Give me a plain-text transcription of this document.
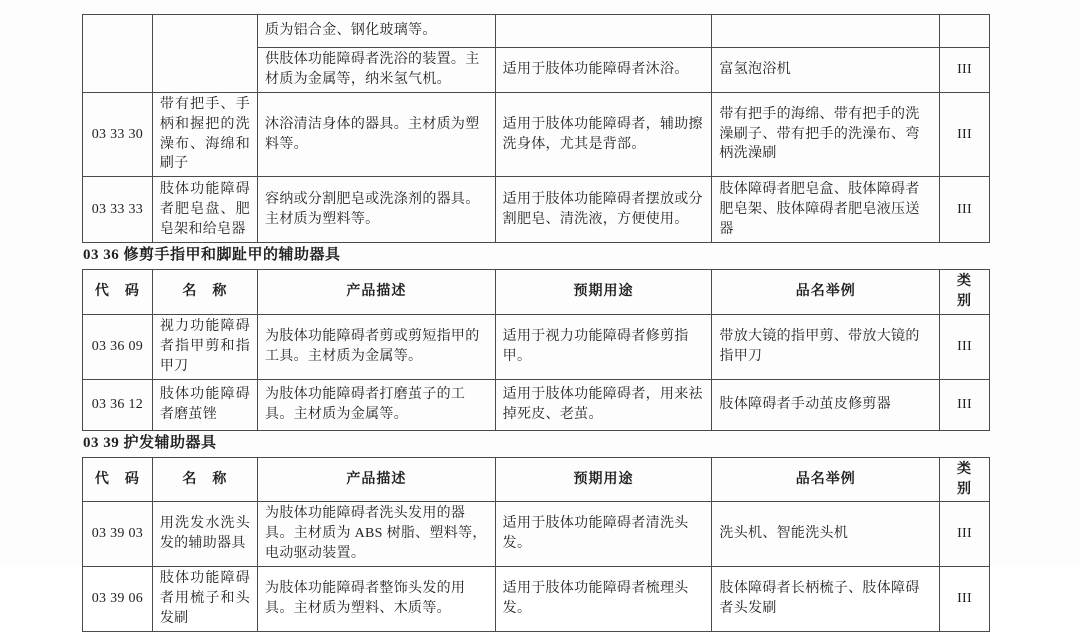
		质为铝合金、钢化玻璃等。			
		供肢体功能障碍者洗浴的装置。主材质为金属等，纳米氢气机。	适用于肢体功能障碍者沐浴。	富氢泡浴机	III
03 33 30	带有把手、手柄和握把的洗澡布、海绵和刷子	沐浴清洁身体的器具。主材质为塑料等。	适用于肢体功能障碍者，辅助擦洗身体，尤其是背部。	带有把手的海绵、带有把手的洗澡刷子、带有把手的洗澡布、弯柄洗澡刷	III
03 33 33	肢体功能障碍者肥皂盘、肥皂架和给皂器	容纳或分割肥皂或洗涤剂的器具。主材质为塑料等。	适用于肢体功能障碍者摆放或分割肥皂、清洗液，方便使用。	肢体障碍者肥皂盒、肢体障碍者肥皂架、肢体障碍者肥皂液压送器	III
03 36 修剪手指甲和脚趾甲的辅助器具
代　码	名　称	产品描述	预期用途	品名举例	类　别
03 36 09	视力功能障碍者指甲剪和指甲刀	为肢体功能障碍者剪或剪短指甲的工具。主材质为金属等。	适用于视力功能障碍者修剪指甲。	带放大镜的指甲剪、带放大镜的指甲刀	III
03 36 12	肢体功能障碍者磨茧锉	为肢体功能障碍者打磨茧子的工具。主材质为金属等。	适用于肢体功能障碍者，用来祛掉死皮、老茧。	肢体障碍者手动茧皮修剪器	III
03 39 护发辅助器具
代　码	名　称	产品描述	预期用途	品名举例	类　别
03 39 03	用洗发水洗头发的辅助器具	为肢体功能障碍者洗头发用的器具。主材质为 ABS 树脂、塑料等，电动驱动装置。	适用于肢体功能障碍者清洗头发。	洗头机、智能洗头机	III
03 39 06	肢体功能障碍者用梳子和头发刷	为肢体功能障碍者整饰头发的用具。主材质为塑料、木质等。	适用于肢体功能障碍者梳理头发。	肢体障碍者长柄梳子、肢体障碍者头发刷	III
